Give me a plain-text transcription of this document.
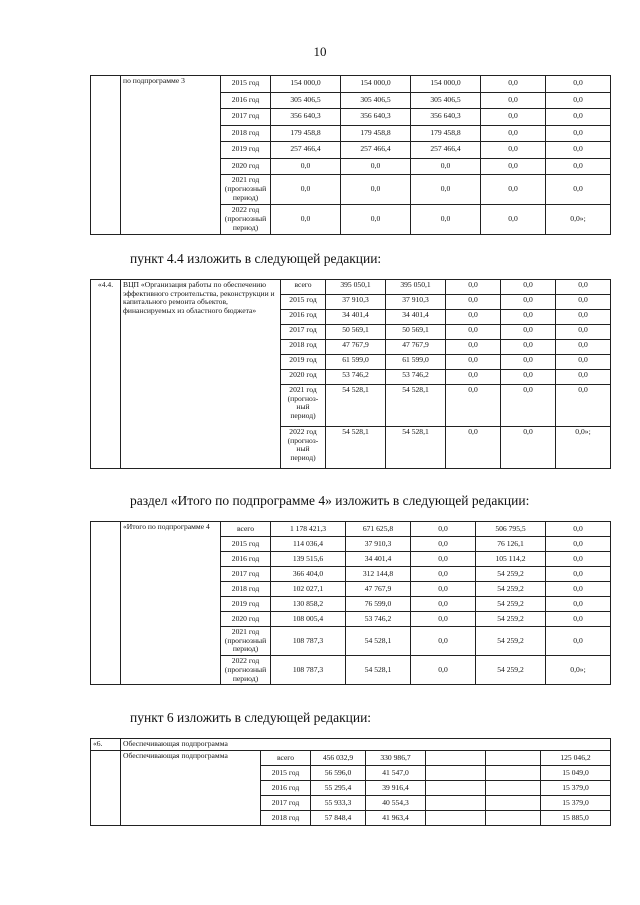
10
	по подпрограмме 3	2015 год	154 000,0	154 000,0	154 000,0	0,0	0,0
		2016 год	305 406,5	305 406,5	305 406,5	0,0	0,0
		2017 год	356 640,3	356 640,3	356 640,3	0,0	0,0
		2018 год	179 458,8	179 458,8	179 458,8	0,0	0,0
		2019 год	257 466,4	257 466,4	257 466,4	0,0	0,0
		2020 год	0,0	0,0	0,0	0,0	0,0
		2021 год (прогнозный период)	0,0	0,0	0,0	0,0	0,0
		2022 год (прогнозный период)	0,0	0,0	0,0	0,0	0,0»;
пункт 4.4 изложить в следующей редакции:
«4.4.	ВЦП «Организация работы по обеспечению эффективного строительства, реконструкции и капитального ремонта объектов, финансируемых из областного бюджета»	всего	395 050,1	395 050,1	0,0	0,0	0,0
		2015 год	37 910,3	37 910,3	0,0	0,0	0,0
		2016 год	34 401,4	34 401,4	0,0	0,0	0,0
		2017 год	50 569,1	50 569,1	0,0	0,0	0,0
		2018 год	47 767,9	47 767,9	0,0	0,0	0,0
		2019 год	61 599,0	61 599,0	0,0	0,0	0,0
		2020 год	53 746,2	53 746,2	0,0	0,0	0,0
		2021 год (прогноз-ный период)	54 528,1	54 528,1	0,0	0,0	0,0
		2022 год (прогноз-ный период)	54 528,1	54 528,1	0,0	0,0	0,0»;
раздел «Итого по подпрограмме 4» изложить в следующей редакции:
	«Итого по подпрограмме 4	всего	1 178 421,3	671 625,8	0,0	506 795,5	0,0
		2015 год	114 036,4	37 910,3	0,0	76 126,1	0,0
		2016 год	139 515,6	34 401,4	0,0	105 114,2	0,0
		2017 год	366 404,0	312 144,8	0,0	54 259,2	0,0
		2018 год	102 027,1	47 767,9	0,0	54 259,2	0,0
		2019 год	130 858,2	76 599,0	0,0	54 259,2	0,0
		2020 год	108 005,4	53 746,2	0,0	54 259,2	0,0
		2021 год (прогнозный период)	108 787,3	54 528,1	0,0	54 259,2	0,0
		2022 год (прогнозный период)	108 787,3	54 528,1	0,0	54 259,2	0,0»;
пункт 6 изложить в следующей редакции:
«6.	Обеспечивающая подпрограмма						
	Обеспечивающая подпрограмма	всего	456 032,9	330 986,7			125 046,2
		2015 год	56 596,0	41 547,0			15 049,0
		2016 год	55 295,4	39 916,4			15 379,0
		2017 год	55 933,3	40 554,3			15 379,0
		2018 год	57 848,4	41 963,4			15 885,0
